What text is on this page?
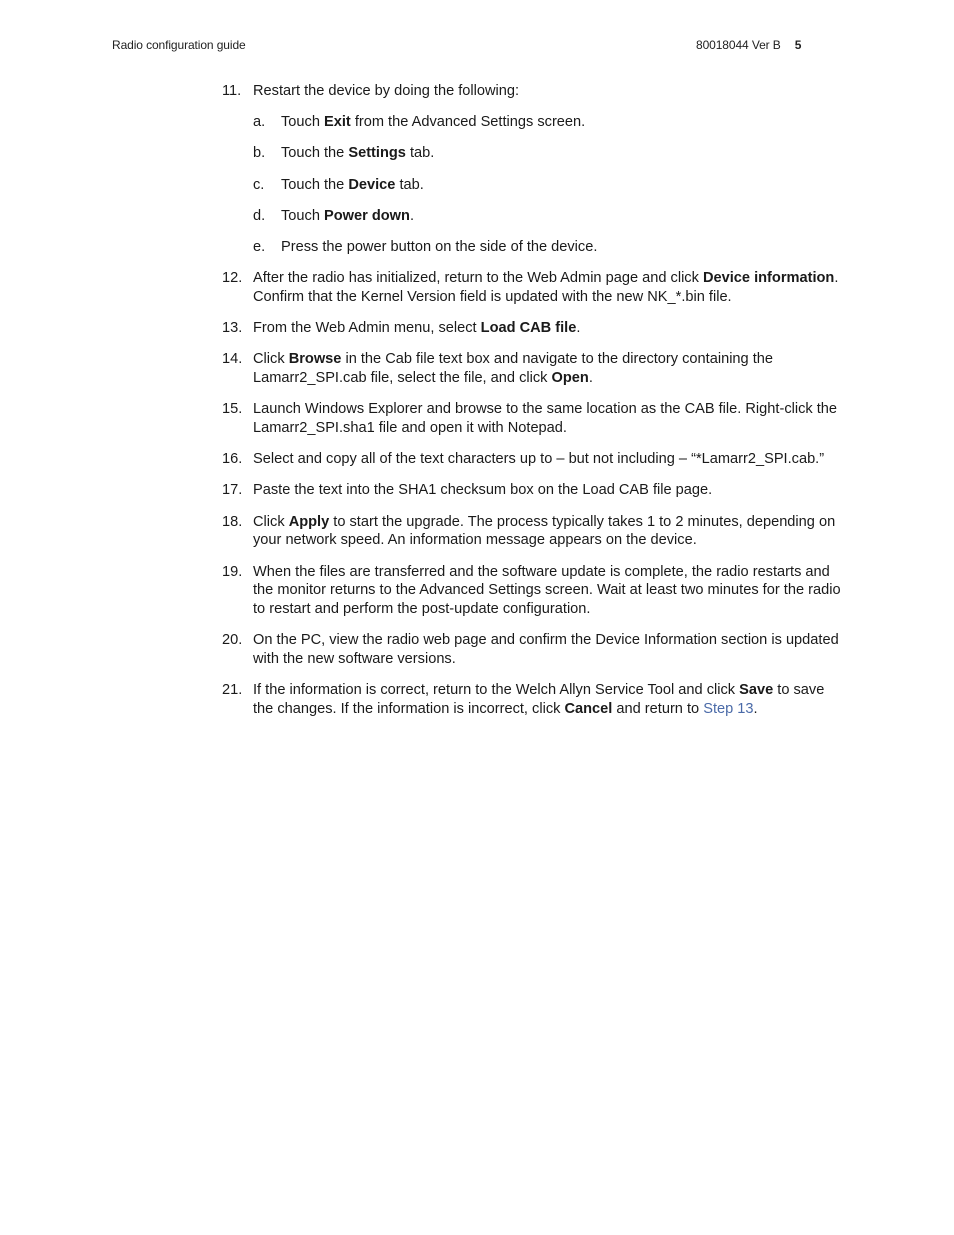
Radio configuration guide	80018044 Ver B 5
11. Restart the device by doing the following:
a. Touch Exit from the Advanced Settings screen.
b. Touch the Settings tab.
c. Touch the Device tab.
d. Touch Power down.
e. Press the power button on the side of the device.
12. After the radio has initialized, return to the Web Admin page and click Device information. Confirm that the Kernel Version field is updated with the new NK_*.bin file.
13. From the Web Admin menu, select Load CAB file.
14. Click Browse in the Cab file text box and navigate to the directory containing the Lamarr2_SPI.cab file, select the file, and click Open.
15. Launch Windows Explorer and browse to the same location as the CAB file. Right-click the Lamarr2_SPI.sha1 file and open it with Notepad.
16. Select and copy all of the text characters up to – but not including – “*Lamarr2_SPI.cab.”
17. Paste the text into the SHA1 checksum box on the Load CAB file page.
18. Click Apply to start the upgrade. The process typically takes 1 to 2 minutes, depending on your network speed. An information message appears on the device.
19. When the files are transferred and the software update is complete, the radio restarts and the monitor returns to the Advanced Settings screen. Wait at least two minutes for the radio to restart and perform the post-update configuration.
20. On the PC, view the radio web page and confirm the Device Information section is updated with the new software versions.
21. If the information is correct, return to the Welch Allyn Service Tool and click Save to save the changes. If the information is incorrect, click Cancel and return to Step 13.
